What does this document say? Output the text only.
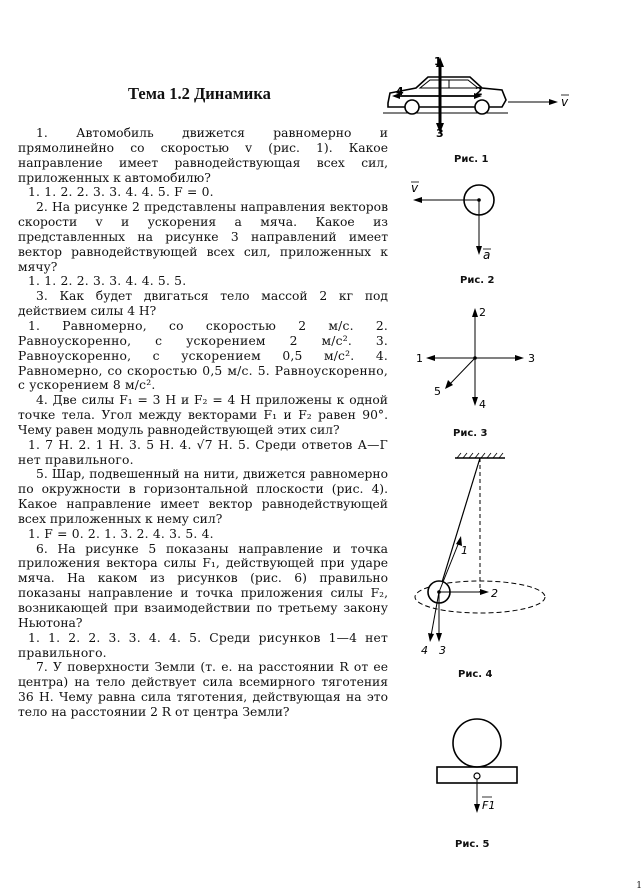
Тема 1.2 Динамика

1. Автомобиль движется равномерно и прямолинейно со скоростью v (рис. 1). Какое направление имеет равнодействующая всех сил, приложенных к автомобилю?

1. 1. 2. 2. 3. 3. 4. 4. 5. F = 0.

2. На рисунке 2 представлены направления векторов скорости v и ускорения a мяча. Какое из представленных на рисунке 3 направлений имеет вектор равнодействующей всех сил, приложенных к мячу?

1. 1. 2. 2. 3. 3. 4. 4. 5. 5.

3. Как будет двигаться тело массой 2 кг под действием силы 4 Н?

1. Равномерно, со скоростью 2 м/с. 2. Равноускоренно, с ускорением 2 м/с². 3. Равноускоренно, с ускорением 0,5 м/с². 4. Равномерно, со скоростью 0,5 м/с. 5. Равноускоренно, с ускорением 8 м/с².

4. Две силы F₁ = 3 Н и F₂ = 4 Н приложены к одной точке тела. Угол между векторами F₁ и F₂ равен 90°. Чему равен модуль равнодействующей этих сил?

1. 7 Н. 2. 1 Н. 3. 5 Н. 4. √7 Н. 5. Среди ответов А—Г нет правильного.

5. Шар, подвешенный на нити, движется равномерно по окружности в горизонтальной плоскости (рис. 4). Какое направление имеет вектор равнодействующей всех приложенных к нему сил?

1. F = 0. 2. 1. 3. 2. 4. 3. 5. 4.

6. На рисунке 5 показаны направление и точка приложения вектора силы F₁, действующей при ударе мяча. На каком из рисунков (рис. 6) правильно показаны направление и точка приложения силы F₂, возникающей при взаимодействии по третьему закону Ньютона?

1. 1. 2. 2. 3. 3. 4. 4. 5. Среди рисунков 1—4 нет правильного.

7. У поверхности Земли (т. е. на расстоянии R от ее центра) на тело действует сила всемирного тяготения 36 Н. Чему равна сила тяготения, действующая на это тело на расстоянии 2 R от центра Земли?

1
3
4	2
v
Рис. 1
v
a
Рис. 2
2
1	3
4
5
Рис. 3
1
2
3
4
Рис. 4
F1
Рис. 5
1
